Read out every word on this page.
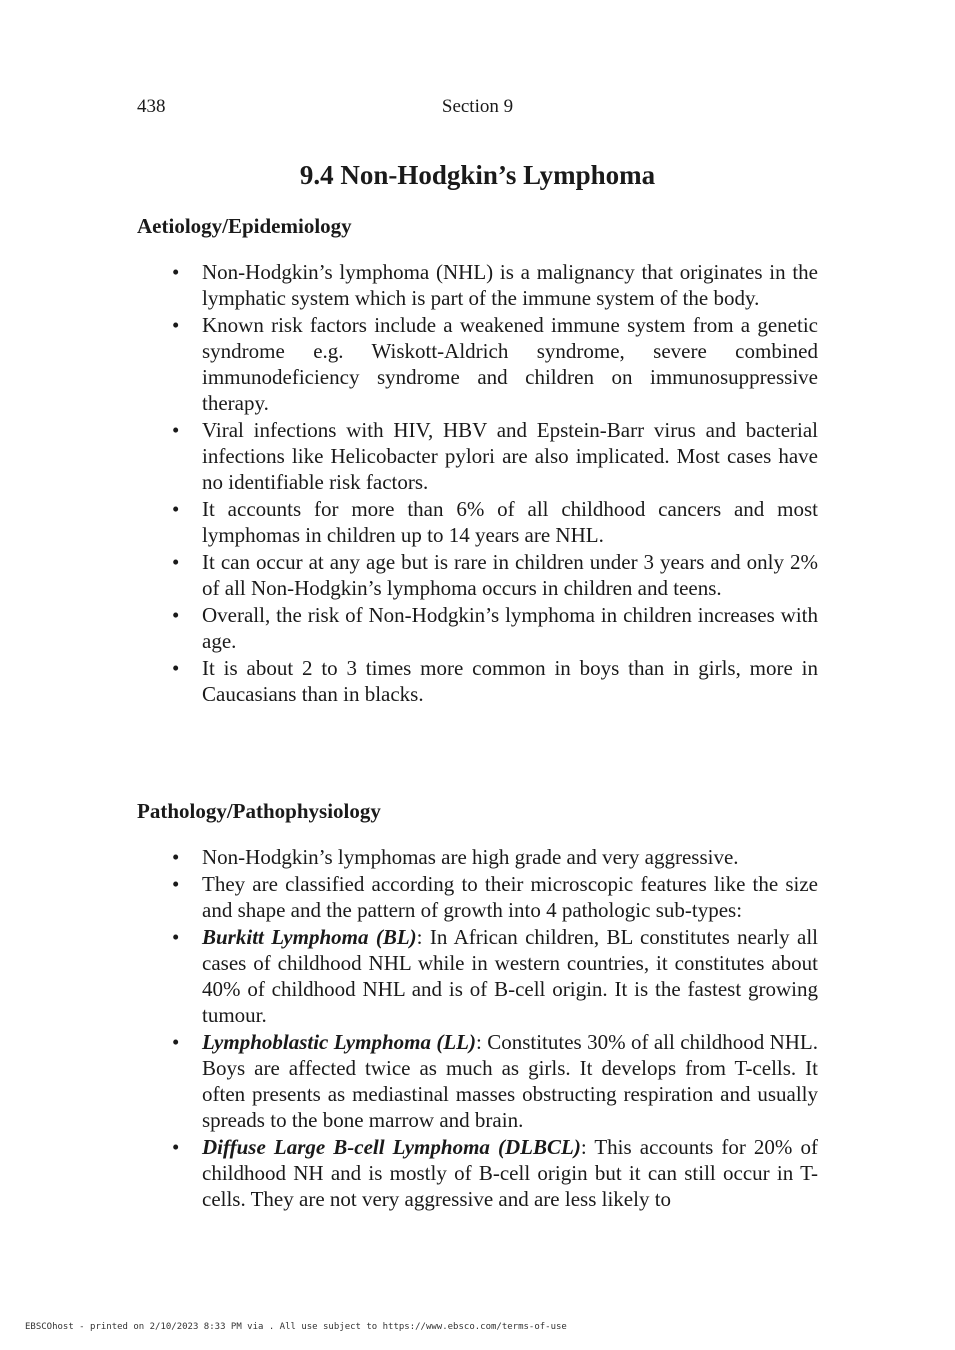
438	Section 9
9.4 Non-Hodgkin’s Lymphoma
Aetiology/Epidemiology
• Non-Hodgkin’s lymphoma (NHL) is a malignancy that originates in the lymphatic system which is part of the immune system of the body.
• Known risk factors include a weakened immune system from a genetic syndrome e.g. Wiskott-Aldrich syndrome, severe combined immunodeficiency syndrome and children on immunosuppressive therapy.
• Viral infections with HIV, HBV and Epstein-Barr virus and bacterial infections like Helicobacter pylori are also implicated. Most cases have no identifiable risk factors.
• It accounts for more than 6% of all childhood cancers and most lymphomas in children up to 14 years are NHL.
• It can occur at any age but is rare in children under 3 years and only 2% of all Non-Hodgkin’s lymphoma occurs in children and teens.
• Overall, the risk of Non-Hodgkin’s lymphoma in children increases with age.
• It is about 2 to 3 times more common in boys than in girls, more in Caucasians than in blacks.
Pathology/Pathophysiology
• Non-Hodgkin’s lymphomas are high grade and very aggressive.
• They are classified according to their microscopic features like the size and shape and the pattern of growth into 4 pathologic sub-types:
• Burkitt Lymphoma (BL): In African children, BL constitutes nearly all cases of childhood NHL while in western countries, it constitutes about 40% of childhood NHL and is of B-cell origin. It is the fastest growing tumour.
• Lymphoblastic Lymphoma (LL): Constitutes 30% of all childhood NHL. Boys are affected twice as much as girls. It develops from T-cells. It often presents as mediastinal masses obstructing respiration and usually spreads to the bone marrow and brain.
• Diffuse Large B-cell Lymphoma (DLBCL): This accounts for 20% of childhood NH and is mostly of B-cell origin but it can still occur in T-cells. They are not very aggressive and are less likely to
EBSCOhost - printed on 2/10/2023 8:33 PM via . All use subject to https://www.ebsco.com/terms-of-use
